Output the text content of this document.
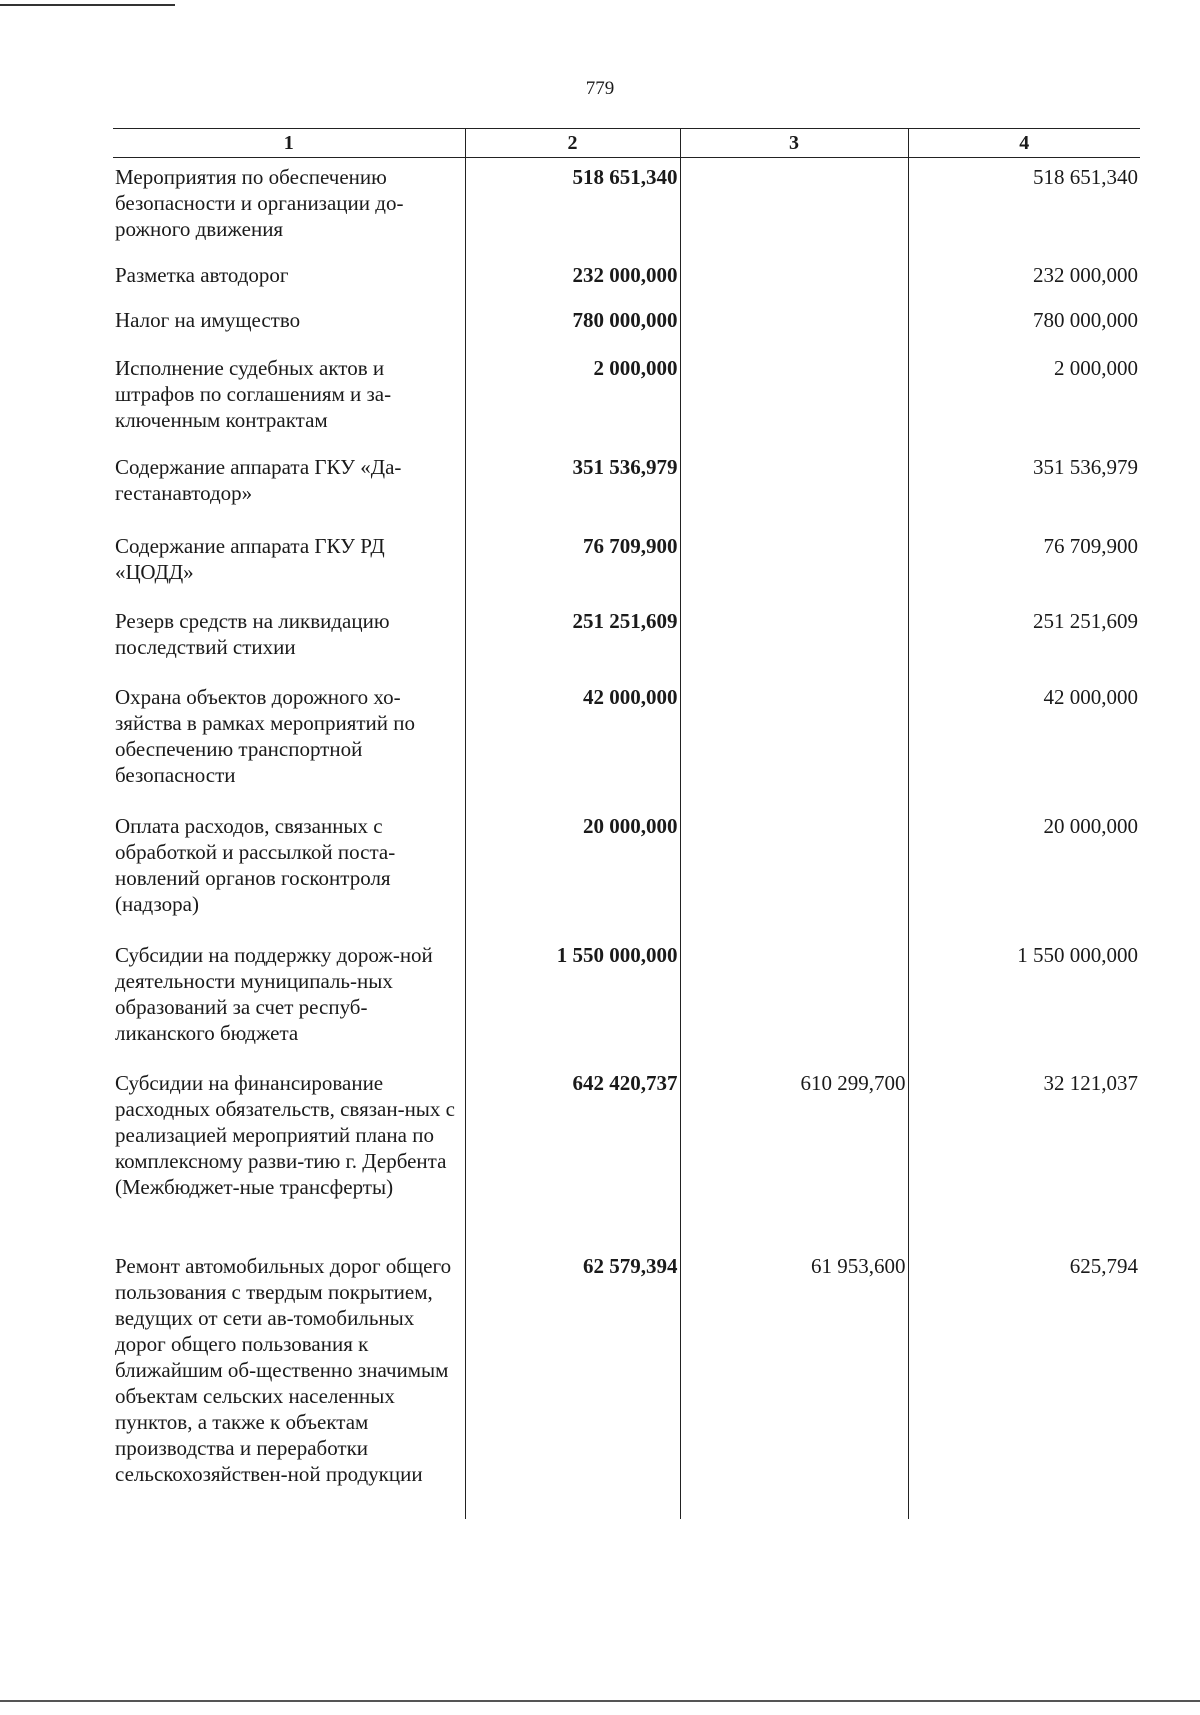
779
1	2	3	4
Мероприятия по обеспечению безопасности и организации до-рожного движения	518 651,340		518 651,340
Разметка автодорог	232 000,000		232 000,000
Налог на имущество	780 000,000		780 000,000
Исполнение судебных актов и штрафов по соглашениям и за-ключенным контрактам	2 000,000		2 000,000
Содержание аппарата ГКУ «Да-гестанавтодор»	351 536,979		351 536,979
Содержание аппарата ГКУ РД «ЦОДД»	76 709,900		76 709,900
Резерв средств на ликвидацию последствий стихии	251 251,609		251 251,609
Охрана объектов дорожного хо-зяйства в рамках мероприятий по обеспечению транспортной безопасности	42 000,000		42 000,000
Оплата расходов, связанных с обработкой и рассылкой поста-новлений органов госконтроля (надзора)	20 000,000		20 000,000
Субсидии на поддержку дорож-ной деятельности муниципаль-ных образований за счет респуб-ликанского бюджета	1 550 000,000		1 550 000,000
Субсидии на финансирование расходных обязательств, связан-ных с реализацией мероприятий плана по комплексному разви-тию г. Дербента (Межбюджет-ные трансферты)	642 420,737	610 299,700	32 121,037
Ремонт автомобильных дорог общего пользования с твердым покрытием, ведущих от сети ав-томобильных дорог общего пользования к ближайшим об-щественно значимым объектам сельских населенных пунктов, а также к объектам производства и переработки сельскохозяйствен-ной продукции	62 579,394	61 953,600	625,794
